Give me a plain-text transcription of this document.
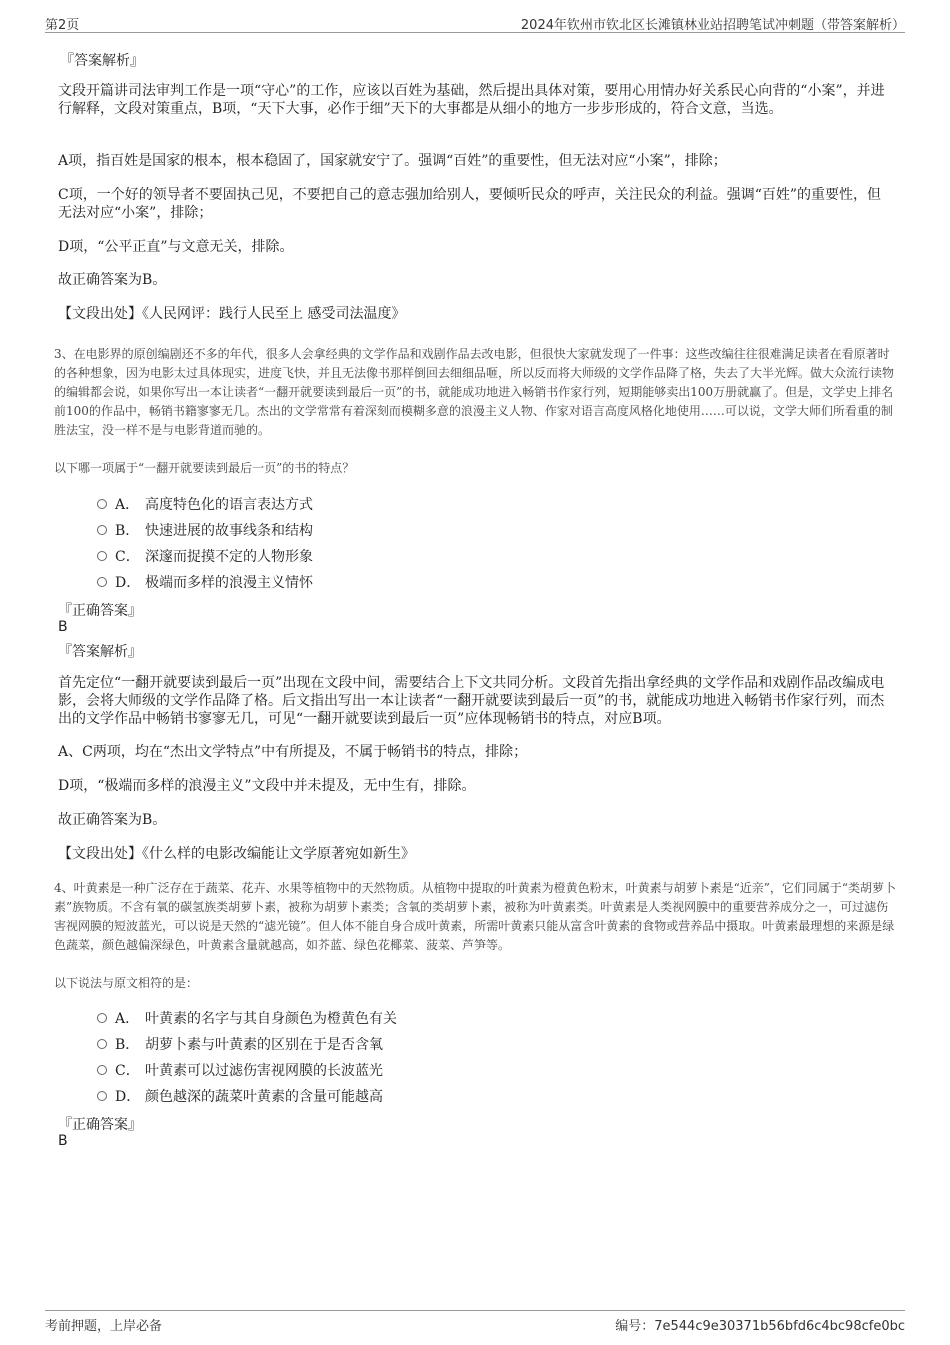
第2页	2024年钦州市钦北区长滩镇林业站招聘笔试冲刺题（带答案解析）
『答案解析』
文段开篇讲司法审判工作是一项“守心”的工作，应该以百姓为基础，然后提出具体对策，要用心用情办好关系民心向背的“小案”，并进行解释，文段对策重点，B项，“天下大事，必作于细”天下的大事都是从细小的地方一步步形成的，符合文意，当选。
A项，指百姓是国家的根本，根本稳固了，国家就安宁了。强调“百姓”的重要性，但无法对应“小案”，排除；
C项，一个好的领导者不要固执己见，不要把自己的意志强加给别人，要倾听民众的呼声，关注民众的利益。强调“百姓”的重要性，但无法对应“小案”，排除；
D项，“公平正直”与文意无关，排除。
故正确答案为B。
【文段出处】《人民网评：践行人民至上 感受司法温度》
3、在电影界的原创编剧还不多的年代，很多人会拿经典的文学作品和戏剧作品去改电影，但很快大家就发现了一件事：这些改编往往很难满足读者在看原著时的各种想象，因为电影太过具体现实，进度飞快，并且无法像书那样倒回去细细品咂，所以反而将大师级的文学作品降了格，失去了大半光辉。做大众流行读物的编辑都会说，如果你写出一本让读者“一翻开就要读到最后一页”的书，就能成功地进入畅销书作家行列，短期能够卖出100万册就赢了。但是，文学史上排名前100的作品中，畅销书籍寥寥无几。杰出的文学常常有着深刻而模糊多意的浪漫主义人物、作家对语言高度风格化地使用……可以说，文学大师们所看重的制胜法宝，没一样不是与电影背道而驰的。
以下哪一项属于“一翻开就要读到最后一页”的书的特点？
A． 高度特色化的语言表达方式
B． 快速进展的故事线条和结构
C． 深邃而捉摸不定的人物形象
D． 极端而多样的浪漫主义情怀
『正确答案』
B
『答案解析』
首先定位“一翻开就要读到最后一页”出现在文段中间，需要结合上下文共同分析。文段首先指出拿经典的文学作品和戏剧作品改编成电影，会将大师级的文学作品降了格。后文指出写出一本让读者“一翻开就要读到最后一页”的书，就能成功地进入畅销书作家行列，而杰出的文学作品中畅销书寥寥无几，可见“一翻开就要读到最后一页”应体现畅销书的特点，对应B项。
A、C两项，均在“杰出文学特点”中有所提及，不属于畅销书的特点，排除；
D项，“极端而多样的浪漫主义”文段中并未提及，无中生有，排除。
故正确答案为B。
【文段出处】《什么样的电影改编能让文学原著宛如新生》
4、叶黄素是一种广泛存在于蔬菜、花卉、水果等植物中的天然物质。从植物中提取的叶黄素为橙黄色粉末，叶黄素与胡萝卜素是“近亲”，它们同属于“类胡萝卜素”族物质。不含有氧的碳氢族类胡萝卜素，被称为胡萝卜素类；含氧的类胡萝卜素，被称为叶黄素类。叶黄素是人类视网膜中的重要营养成分之一，可过滤伤害视网膜的短波蓝光，可以说是天然的“滤光镜”。但人体不能自身合成叶黄素，所需叶黄素只能从富含叶黄素的食物或营养品中摄取。叶黄素最理想的来源是绿色蔬菜，颜色越偏深绿色，叶黄素含量就越高，如芥蓝、绿色花椰菜、菠菜、芦笋等。
以下说法与原文相符的是：
A． 叶黄素的名字与其自身颜色为橙黄色有关
B． 胡萝卜素与叶黄素的区别在于是否含氧
C． 叶黄素可以过滤伤害视网膜的长波蓝光
D． 颜色越深的蔬菜叶黄素的含量可能越高
『正确答案』
B
考前押题，上岸必备	编号：7e544c9e30371b56bfd6c4bc98cfe0bc
